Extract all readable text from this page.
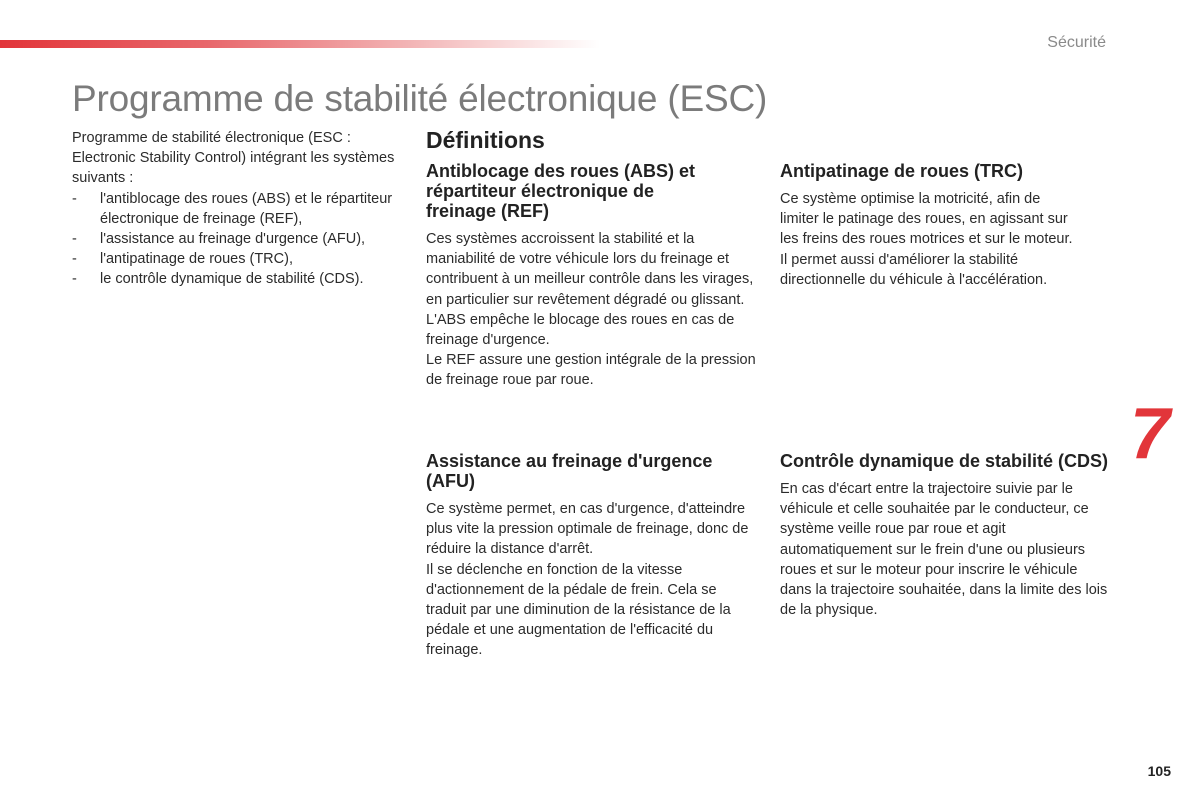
Sécurité
Programme de stabilité électronique (ESC)

Programme de stabilité électronique (ESC : Electronic Stability Control) intégrant les systèmes suivants :

- l'antiblocage des roues (ABS) et le répartiteur électronique de freinage (REF),
- l'assistance au freinage d'urgence (AFU),
- l'antipatinage de roues (TRC),
- le contrôle dynamique de stabilité (CDS).
Définitions
Antiblocage des roues (ABS) et répartiteur électronique de freinage (REF)

Ces systèmes accroissent la stabilité et la maniabilité de votre véhicule lors du freinage et contribuent à un meilleur contrôle dans les virages, en particulier sur revêtement dégradé ou glissant.

L'ABS empêche le blocage des roues en cas de freinage d'urgence.

Le REF assure une gestion intégrale de la pression de freinage roue par roue.

Antipatinage de roues (TRC)

Ce système optimise la motricité, afin de limiter le patinage des roues, en agissant sur les freins des roues motrices et sur le moteur. Il permet aussi d'améliorer la stabilité directionnelle du véhicule à l'accélération.

Assistance au freinage d'urgence (AFU)

Ce système permet, en cas d'urgence, d'atteindre plus vite la pression optimale de freinage, donc de réduire la distance d'arrêt.

Il se déclenche en fonction de la vitesse d'actionnement de la pédale de frein. Cela se traduit par une diminution de la résistance de la pédale et une augmentation de l'efficacité du freinage.

Contrôle dynamique de stabilité (CDS)

En cas d'écart entre la trajectoire suivie par le véhicule et celle souhaitée par le conducteur, ce système veille roue par roue et agit automatiquement sur le frein d'une ou plusieurs roues et sur le moteur pour inscrire le véhicule dans la trajectoire souhaitée, dans la limite des lois de la physique.

7
105
